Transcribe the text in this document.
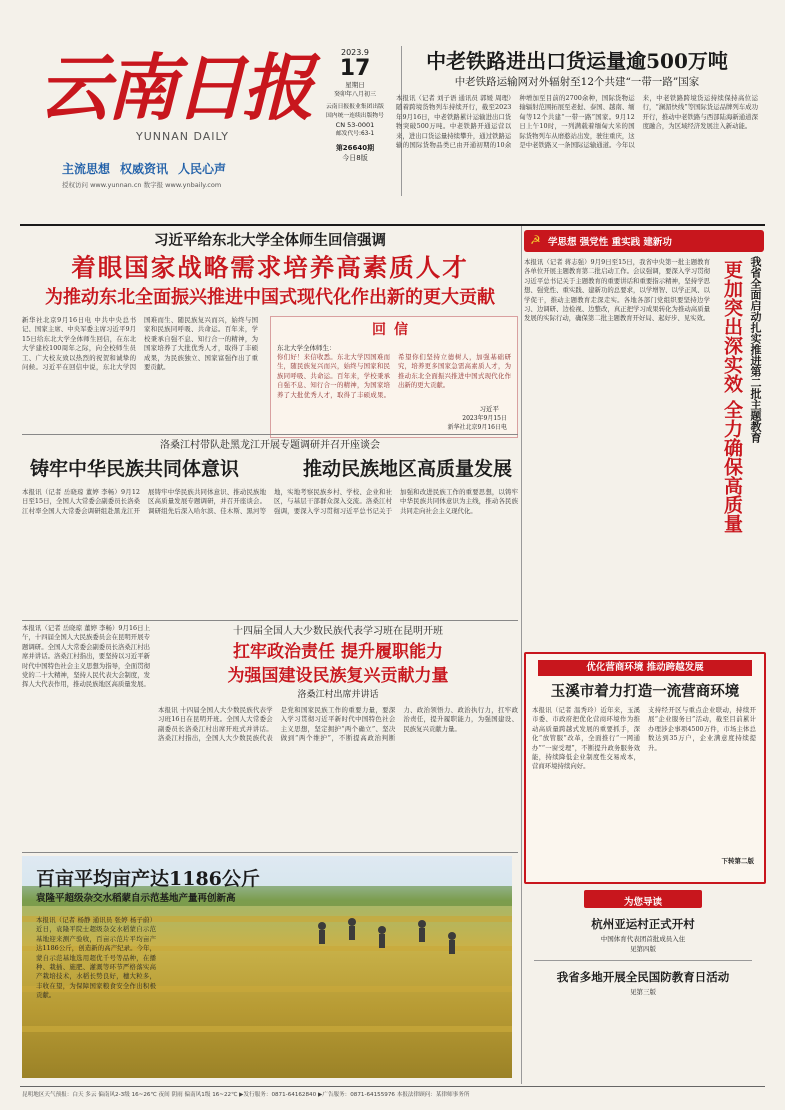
云南日报
YUNNAN DAILY
主流思想 权威资讯 人民心声
授权访问 www.yunnan.cn 数字报 www.ynbaily.com
2023.9
17
星期日
癸卯年八月初三
云南日报报业集团出版
国内统一连续出版物号
CN 53-0001
邮发代号:63-1
第26640期
今日8版
中老铁路进出口货运量逾500万吨
中老铁路运输网对外辐射至12个共建“一带一路”国家
本报讯（记者 刘子语 通讯员 郭媛 周理）随着跨境货物列车持续开行，截至2023年9月16日，中老铁路累计运输进出口货物突破500万吨。中老铁路开通运营以来，进出口货运量持续攀升，通过铁路运输的国际货物品类已由开通初期的10余种增加至目前的2700余种，国际货物运输辐射范围拓展至老挝、泰国、越南、缅甸等12个共建“一带一路”国家。9月12日上午10时，一列满载着缅甸大米的国际货物列车从磨憨站出发，驶往重庆，这是中老铁路又一条国际运输通道。今年以来，中老铁路跨境货运持续保持高位运行，“澜湄快线”等国际货运品牌列车成功开行，推动中老铁路与西部陆海新通道深度融合，为区域经济发展注入新动能。
习近平给东北大学全体师生回信强调
着眼国家战略需求培养高素质人才
为推动东北全面振兴推进中国式现代化作出新的更大贡献
新华社北京9月16日电 中共中央总书记、国家主席、中央军委主席习近平9月15日给东北大学全体师生回信，在东北大学建校100周年之际，向全校师生员工、广大校友致以热烈的祝贺和诚挚的问候。习近平在回信中说，东北大学因国难而生、随民族复兴而兴，始终与国家和民族同呼吸、共命运。百年来，学校秉承自强不息、知行合一的精神，为国家培养了大批优秀人才，取得了丰硕成果，为民族独立、国家富强作出了重要贡献。
回信
东北大学全体师生：
你们好！来信收悉。东北大学因国难而生，随民族复兴而兴，始终与国家和民族同呼吸、共命运。百年来，学校秉承自强不息、知行合一的精神，为国家培养了大批优秀人才，取得了丰硕成果。希望你们坚持立德树人，加强基础研究，培养更多国家急需高素质人才，为推动东北全面振兴推进中国式现代化作出新的更大贡献。
习近平
2023年9月15日
新华社北京9月16日电
洛桑江村带队赴黑龙江开展专题调研并召开座谈会
铸牢中华民族共同体意识	推动民族地区高质量发展
本报讯（记者 岳晓琼 董婷 李畅）9月12日至15日，全国人大常委会副委员长洛桑江村率全国人大常委会调研组赴黑龙江开展铸牢中华民族共同体意识、推动民族地区高质量发展专题调研，并召开座谈会。调研组先后深入哈尔滨、佳木斯、黑河等地，实地考察民族乡村、学校、企业和社区，与基层干部群众深入交流。洛桑江村强调，要深入学习贯彻习近平总书记关于加强和改进民族工作的重要思想，以铸牢中华民族共同体意识为主线，推动各民族共同走向社会主义现代化。
本报讯（记者 岳晓琼 董婷 李畅）9月16日上午，十四届全国人大民族委员会在昆明开展专题调研。全国人大常委会副委员长洛桑江村出席并讲话。洛桑江村指出，要坚持以习近平新时代中国特色社会主义思想为指导，全面贯彻党的二十大精神，坚持人民代表大会制度，发挥人大代表作用，推动民族地区高质量发展。
十四届全国人大少数民族代表学习班在昆明开班
扛牢政治责任 提升履职能力
为强国建设民族复兴贡献力量
洛桑江村出席并讲话
本报讯 十四届全国人大少数民族代表学习班16日在昆明开班。全国人大常委会副委员长洛桑江村出席开班式并讲话。洛桑江村指出，全国人大少数民族代表是党和国家民族工作的重要力量，要深入学习贯彻习近平新时代中国特色社会主义思想，坚定拥护“两个确立”、坚决做到“两个维护”，不断提高政治判断力、政治领悟力、政治执行力，扛牢政治责任，提升履职能力，为强国建设、民族复兴贡献力量。
百亩平均亩产达1186公斤
袁隆平超级杂交水稻蒙自示范基地产量再创新高
本报讯（记者 杨静 通讯员 张婷 杨子蔚）近日，袁隆平院士超级杂交水稻蒙自示范基地迎来测产验收，百亩示范片平均亩产达1186公斤，创造新的高产纪录。今年，蒙自示范基地选用超优千号等品种，在播种、栽插、施肥、灌溉等环节严格落实高产栽培技术，水稻长势良好，穗大粒多，丰收在望，为保障国家粮食安全作出积极贡献。
☭ 学思想 强党性 重实践 建新功
本报讯（记者 蒋志强）9月9日至15日，我省中央第一批主题教育各单位开展主题教育第二批启动工作。会议强调，要深入学习贯彻习近平总书记关于主题教育的重要讲话和重要指示精神，坚持学思想、强党性、重实践、建新功的总要求，以学增智、以学正风、以学促干，推动主题教育走深走实。各地各部门党组织要坚持边学习、边调研、边检视、边整改，真正把学习成果转化为推动高质量发展的实际行动，确保第二批主题教育开好局、起好步、见实效。	我省全面启动扎实推进第二批主题教育
更加突出深实效 全力确保高质量
优化营商环境 推动跨越发展
玉溪市着力打造一流营商环境
本报讯（记者 温秀玲）近年来，玉溪市委、市政府把优化营商环境作为推动高质量跨越式发展的重要抓手，深化“放管服”改革，全面推行“一网通办”“一窗受理”，不断提升政务服务效能，持续降低企业制度性交易成本，营商环境持续向好。
支持经开区与重点企业联动，持续开展“企业服务日”活动，截至目前累计办理涉企事项4500万件，市场主体总数达到35万户，企业满意度持续提升。
下转第二版
为您导读
杭州亚运村正式开村
中国体育代表团首批成员入住
见第四版
我省多地开展全民国防教育日活动
见第三版
昆明地区天气预报：白天 多云 偏南风2-3级 16~26℃ 夜间 阴雨 偏南风1级 16~22℃ ▶发行服务：0871-64162840 ▶广告服务：0871-64155976 本报法律顾问：某律师事务所
